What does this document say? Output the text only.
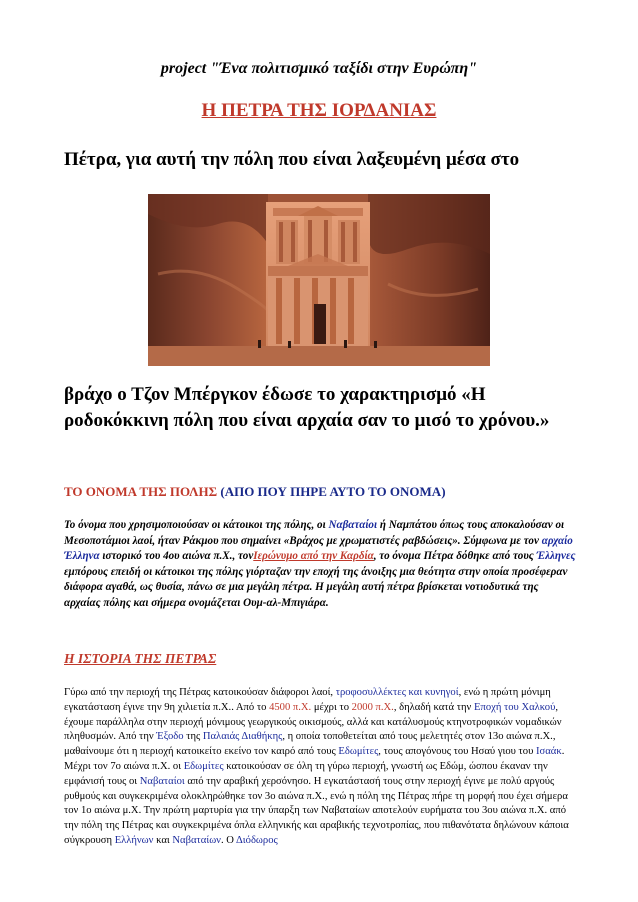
project "Ένα πολιτισμικό ταξίδι στην Ευρώπη"

Η ΠΕΤΡΑ ΤΗΣ ΙΟΡΔΑΝΙΑΣ

Πέτρα, για αυτή την πόλη που είναι λαξευμένη μέσα στο

βράχο ο Τζον Μπέργκον έδωσε το χαρακτηρισμό «Η ροδοκόκκινη πόλη που είναι αρχαία σαν το μισό το χρόνου.»

ΤΟ ΟΝΟΜΑ ΤΗΣ ΠΟΛΗΣ (ΑΠΟ ΠΟΥ ΠΗΡΕ ΑΥΤΟ ΤΟ ΟΝΟΜΑ)

Το όνομα που χρησιμοποιούσαν οι κάτοικοι της πόλης, οι Ναβαταίοι ή Ναμπάτου όπως τους αποκαλούσαν οι Μεσοποτάμιοι λαοί, ήταν Ράκμου που σημαίνει «Βράχος με χρωματιστές ραβδώσεις». Σύμφωνα με τον αρχαίο Έλληνα ιστορικό του 4ου αιώνα π.Χ., τονΙερώνυμο από την Καρδία, το όνομα Πέτρα δόθηκε από τους Έλληνες εμπόρους επειδή οι κάτοικοι της πόλης γιόρταζαν την εποχή της άνοιξης μια θεότητα στην οποία προσέφεραν διάφορα αγαθά, ως θυσία, πάνω σε μια μεγάλη πέτρα. Η μεγάλη αυτή πέτρα βρίσκεται νοτιοδυτικά της αρχαίας πόλης και σήμερα ονομάζεται Ουμ-αλ-Μπιγιάρα.

Η ΙΣΤΟΡΙΑ ΤΗΣ ΠΕΤΡΑΣ

Γύρω από την περιοχή της Πέτρας κατοικούσαν διάφοροι λαοί, τροφοσυλλέκτες και κυνηγοί, ενώ η πρώτη μόνιμη εγκατάσταση έγινε την 9η χιλιετία π.Χ.. Από το 4500 π.Χ. μέχρι το 2000 π.Χ., δηλαδή κατά την Εποχή του Χαλκού, έχουμε παράλληλα στην περιοχή μόνιμους γεωργικούς οικισμούς, αλλά και κατάλυσμούς κτηνοτροφικών νομαδικών πληθυσμών. Από την Έξοδο της Παλαιάς Διαθήκης, η οποία τοποθετείται από τους μελετητές στον 13ο αιώνα π.Χ., μαθαίνουμε ότι η περιοχή κατοικείτο εκείνο τον καιρό από τους Εδωμίτες, τους απογόνους του Ησαύ γιου του Ισαάκ. Μέχρι τον 7ο αιώνα π.Χ. οι Εδωμίτες κατοικούσαν σε όλη τη γύρω περιοχή, γνωστή ως Εδώμ, ώσπου έκαναν την εμφάνισή τους οι Ναβαταίοι από την αραβική χερσόνησο. Η εγκατάστασή τους στην περιοχή έγινε με πολύ αργούς ρυθμούς και συγκεκριμένα ολοκληρώθηκε τον 3ο αιώνα π.Χ., ενώ η πόλη της Πέτρας πήρε τη μορφή που έχει σήμερα τον 1ο αιώνα μ.Χ. Την πρώτη μαρτυρία για την ύπαρξη των Ναβαταίων αποτελούν ευρήματα του 3ου αιώνα π.Χ. από την πόλη της Πέτρας και συγκεκριμένα όπλα ελληνικής και αραβικής τεχνοτροπίας, που πιθανότατα δηλώνουν κάποια σύγκρουση Ελλήνων και Ναβαταίων. Ο Διόδωρος
